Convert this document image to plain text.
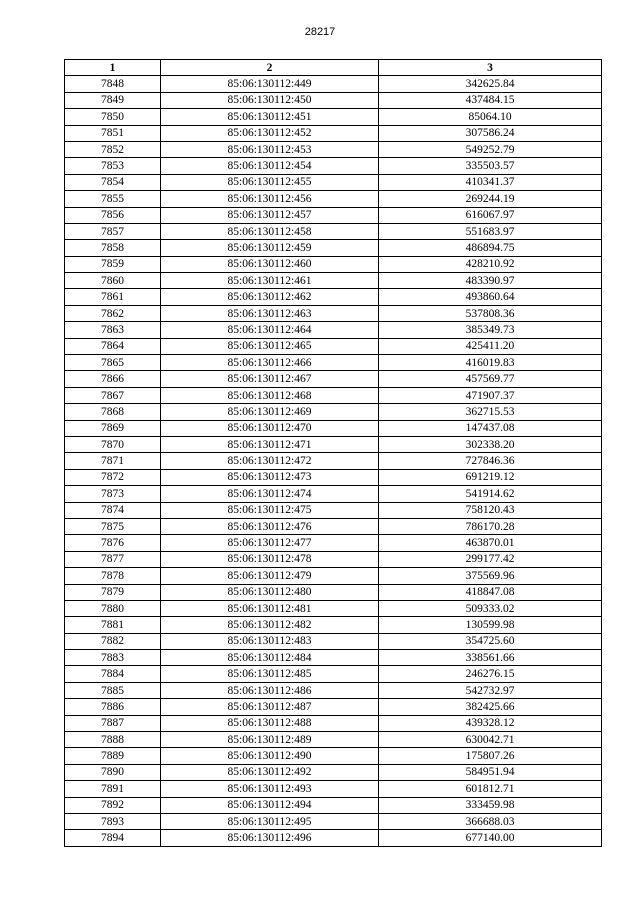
28217
1	2	3
7848	85:06:130112:449	342625.84
7849	85:06:130112:450	437484.15
7850	85:06:130112:451	85064.10
7851	85:06:130112:452	307586.24
7852	85:06:130112:453	549252.79
7853	85:06:130112:454	335503.57
7854	85:06:130112:455	410341.37
7855	85:06:130112:456	269244.19
7856	85:06:130112:457	616067.97
7857	85:06:130112:458	551683.97
7858	85:06:130112:459	486894.75
7859	85:06:130112:460	428210.92
7860	85:06:130112:461	483390.97
7861	85:06:130112:462	493860.64
7862	85:06:130112:463	537808.36
7863	85:06:130112:464	385349.73
7864	85:06:130112:465	425411.20
7865	85:06:130112:466	416019.83
7866	85:06:130112:467	457569.77
7867	85:06:130112:468	471907.37
7868	85:06:130112:469	362715.53
7869	85:06:130112:470	147437.08
7870	85:06:130112:471	302338.20
7871	85:06:130112:472	727846.36
7872	85:06:130112:473	691219.12
7873	85:06:130112:474	541914.62
7874	85:06:130112:475	758120.43
7875	85:06:130112:476	786170.28
7876	85:06:130112:477	463870.01
7877	85:06:130112:478	299177.42
7878	85:06:130112:479	375569.96
7879	85:06:130112:480	418847.08
7880	85:06:130112:481	509333.02
7881	85:06:130112:482	130599.98
7882	85:06:130112:483	354725.60
7883	85:06:130112:484	338561.66
7884	85:06:130112:485	246276.15
7885	85:06:130112:486	542732.97
7886	85:06:130112:487	382425.66
7887	85:06:130112:488	439328.12
7888	85:06:130112:489	630042.71
7889	85:06:130112:490	175807.26
7890	85:06:130112:492	584951.94
7891	85:06:130112:493	601812.71
7892	85:06:130112:494	333459.98
7893	85:06:130112:495	366688.03
7894	85:06:130112:496	677140.00
